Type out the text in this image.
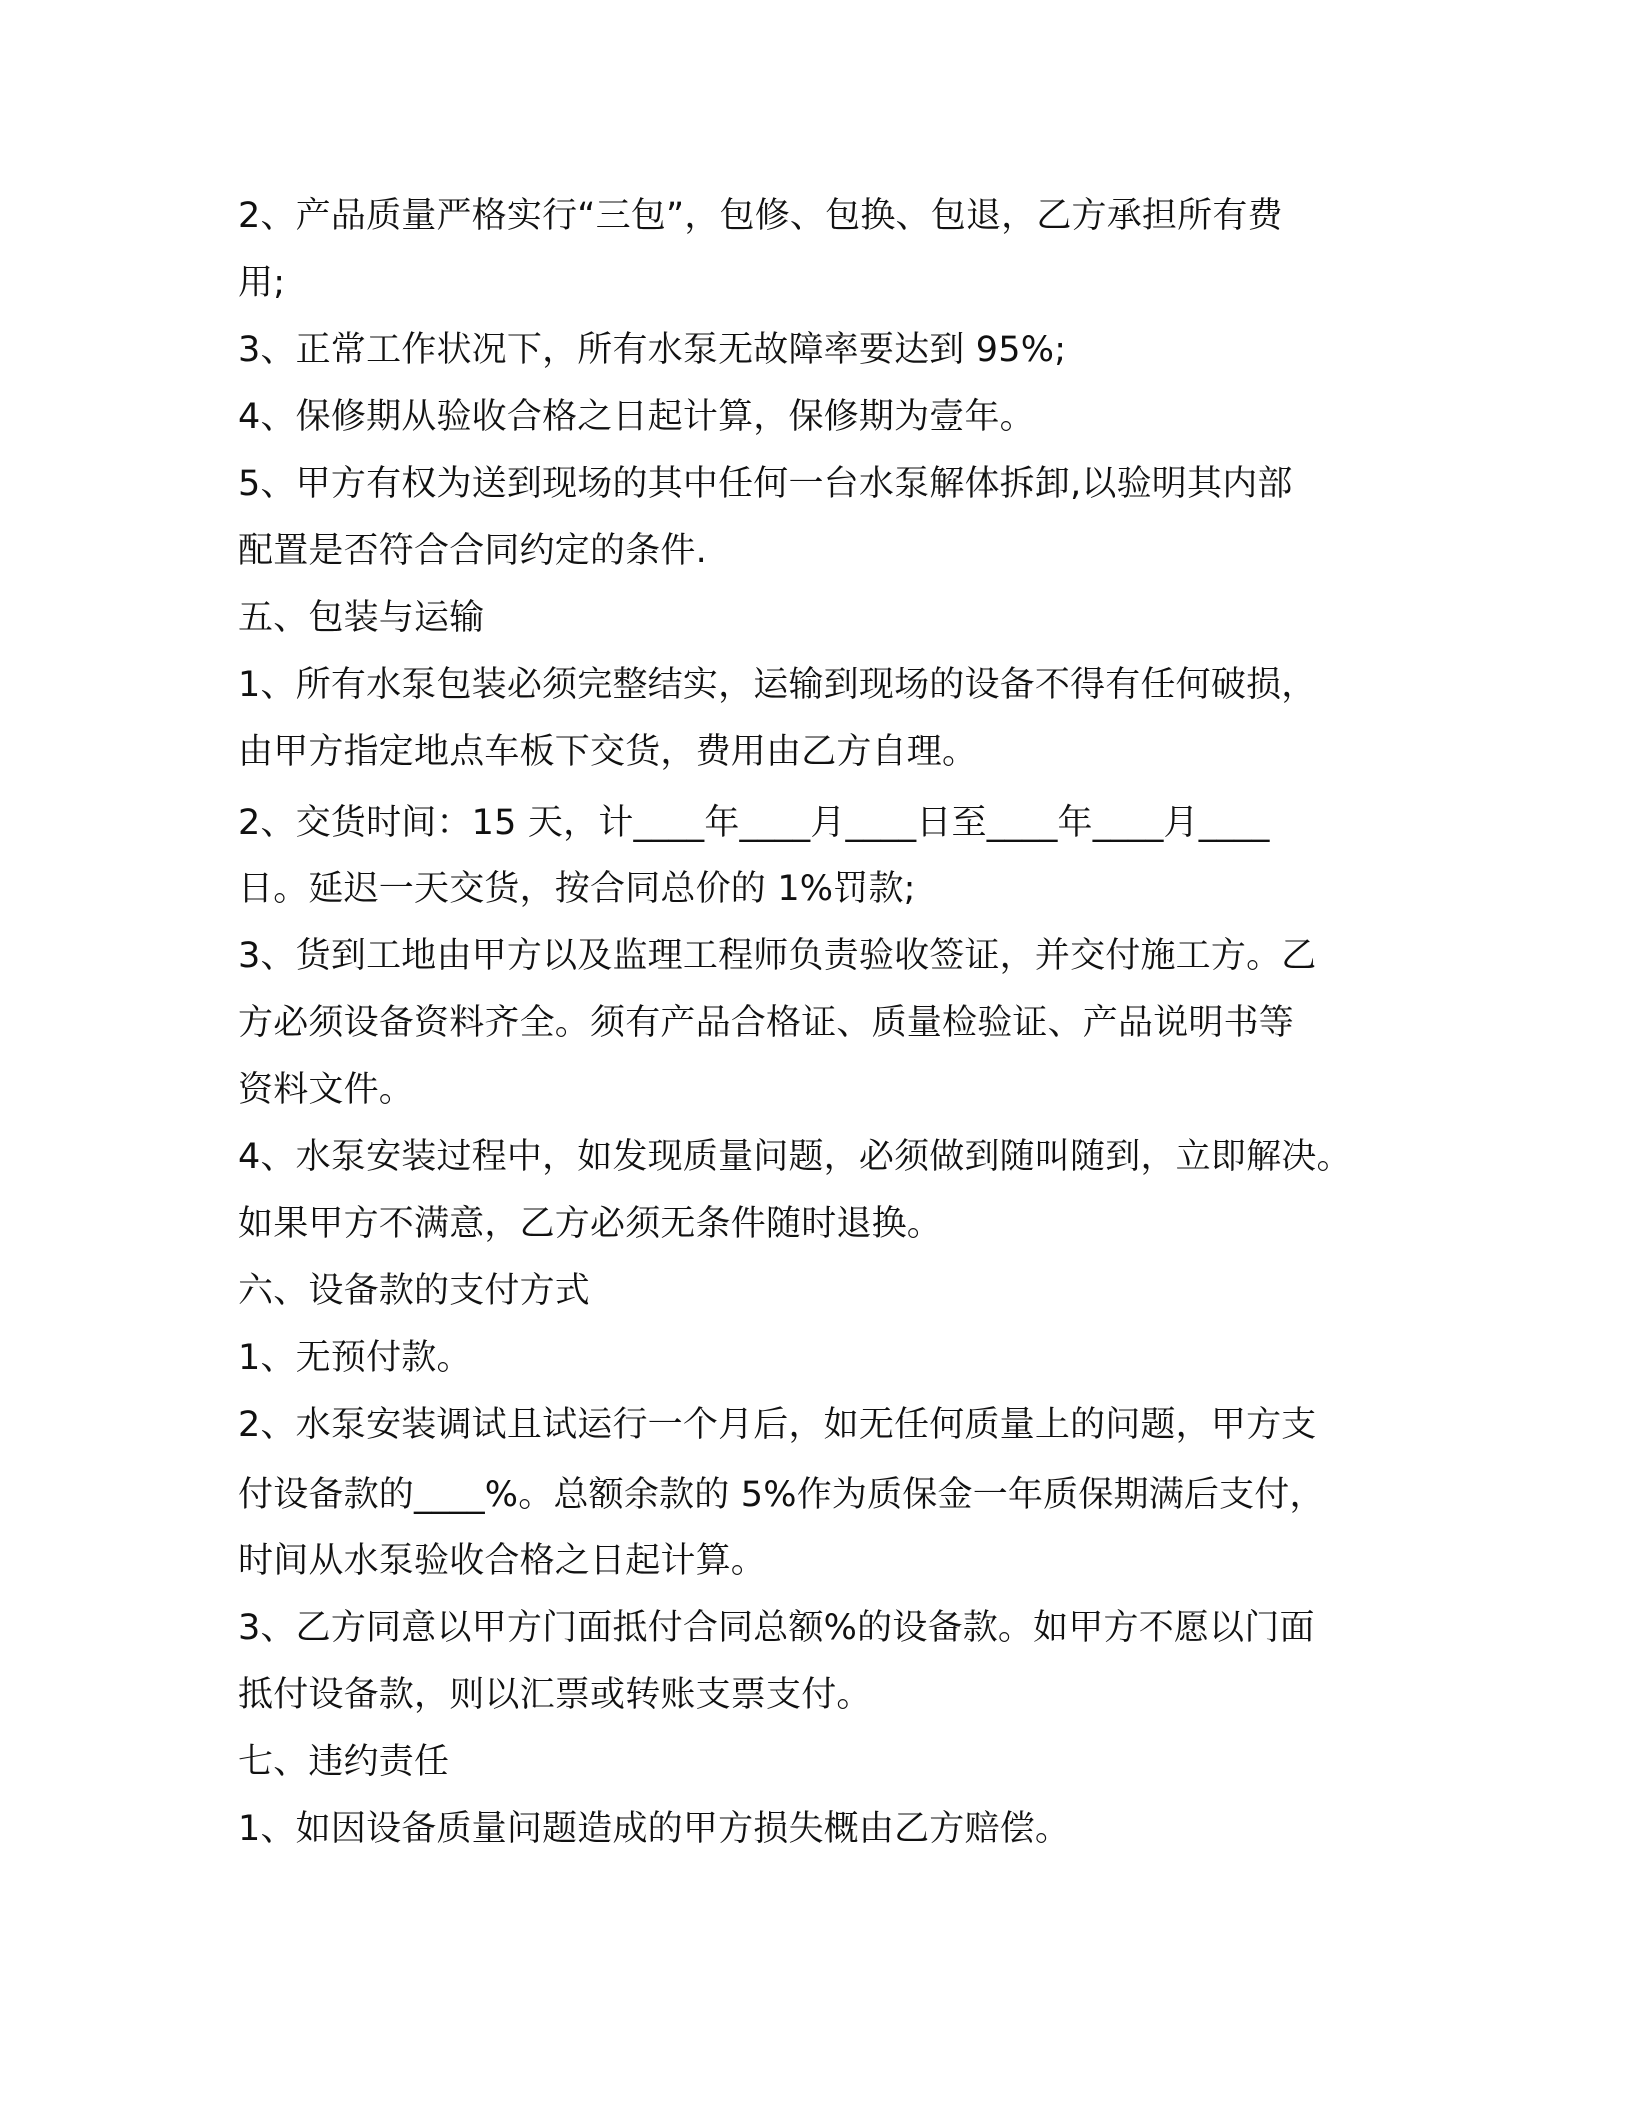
2、产品质量严格实行“三包”，包修、包换、包退，乙方承担所有费
用;
3、正常工作状况下，所有水泵无故障率要达到 95%;
4、保修期从验收合格之日起计算，保修期为壹年。
5、甲方有权为送到现场的其中任何一台水泵解体拆卸,以验明其内部
配置是否符合合同约定的条件.
五、包装与运输
1、所有水泵包装必须完整结实，运输到现场的设备不得有任何破损，
由甲方指定地点车板下交货，费用由乙方自理。
2、交货时间：15 天，计____年____月____日至____年____月____
日。延迟一天交货，按合同总价的 1%罚款;
3、货到工地由甲方以及监理工程师负责验收签证，并交付施工方。乙
方必须设备资料齐全。须有产品合格证、质量检验证、产品说明书等
资料文件。
4、水泵安装过程中，如发现质量问题，必须做到随叫随到，立即解决。
如果甲方不满意，乙方必须无条件随时退换。
六、设备款的支付方式
1、无预付款。
2、水泵安装调试且试运行一个月后，如无任何质量上的问题，甲方支
付设备款的____%。总额余款的 5%作为质保金一年质保期满后支付，
时间从水泵验收合格之日起计算。
3、乙方同意以甲方门面抵付合同总额%的设备款。如甲方不愿以门面
抵付设备款，则以汇票或转账支票支付。
七、违约责任
1、如因设备质量问题造成的甲方损失概由乙方赔偿。
